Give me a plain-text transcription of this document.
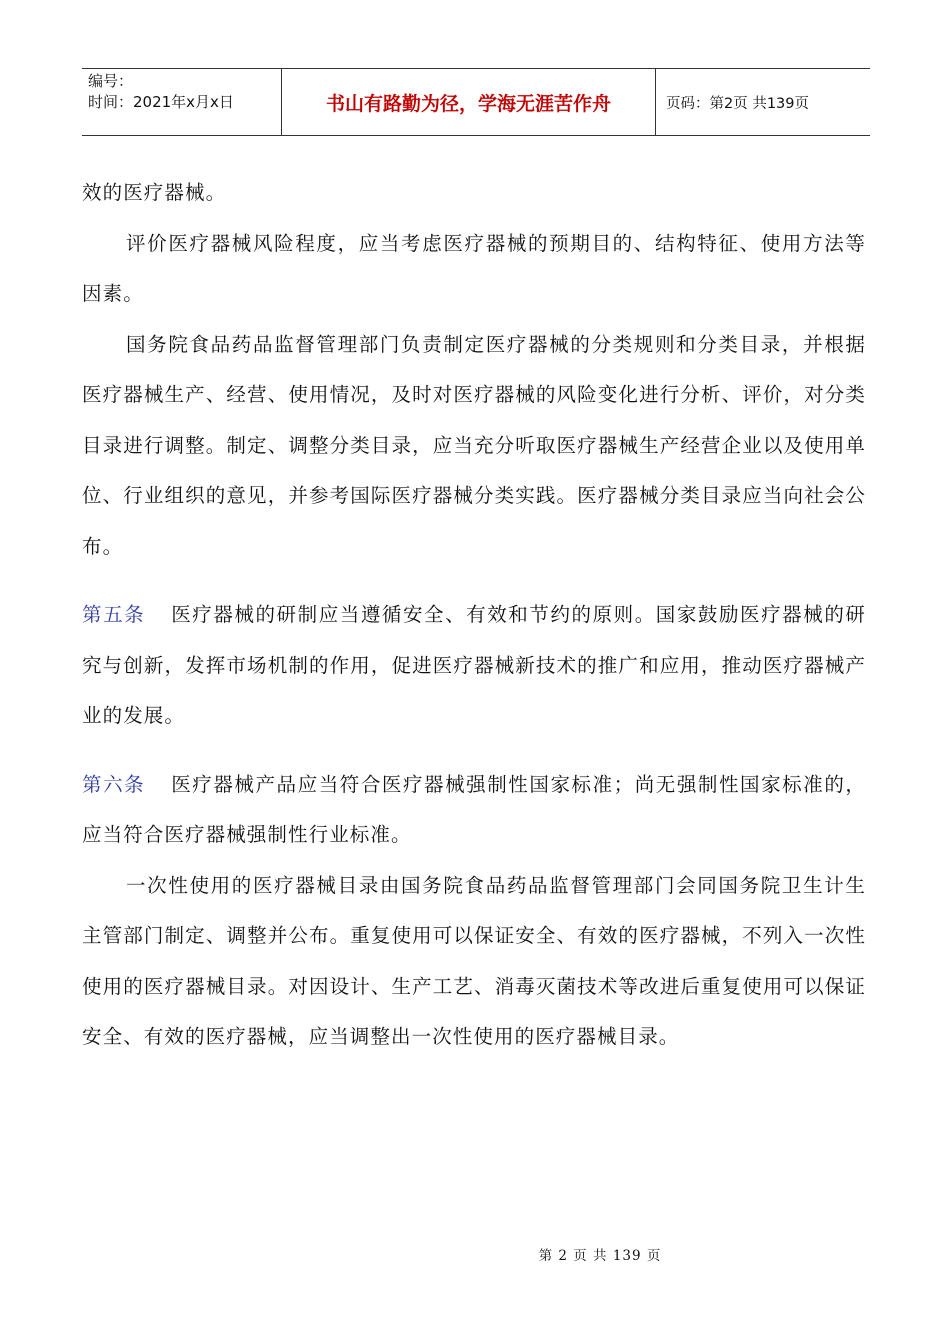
编号：
时间：2021年x月x日	书山有路勤为径，学海无涯苦作舟	页码：第2页 共139页

效的医疗器械。

评价医疗器械风险程度，应当考虑医疗器械的预期目的、结构特征、使用方法等因素。

国务院食品药品监督管理部门负责制定医疗器械的分类规则和分类目录，并根据医疗器械生产、经营、使用情况，及时对医疗器械的风险变化进行分析、评价，对分类目录进行调整。制定、调整分类目录，应当充分听取医疗器械生产经营企业以及使用单位、行业组织的意见，并参考国际医疗器械分类实践。医疗器械分类目录应当向社会公布。

第五条 医疗器械的研制应当遵循安全、有效和节约的原则。国家鼓励医疗器械的研究与创新，发挥市场机制的作用，促进医疗器械新技术的推广和应用，推动医疗器械产业的发展。

第六条 医疗器械产品应当符合医疗器械强制性国家标准；尚无强制性国家标准的，应当符合医疗器械强制性行业标准。

一次性使用的医疗器械目录由国务院食品药品监督管理部门会同国务院卫生计生主管部门制定、调整并公布。重复使用可以保证安全、有效的医疗器械，不列入一次性使用的医疗器械目录。对因设计、生产工艺、消毒灭菌技术等改进后重复使用可以保证安全、有效的医疗器械，应当调整出一次性使用的医疗器械目录。

第 2 页 共 139 页
